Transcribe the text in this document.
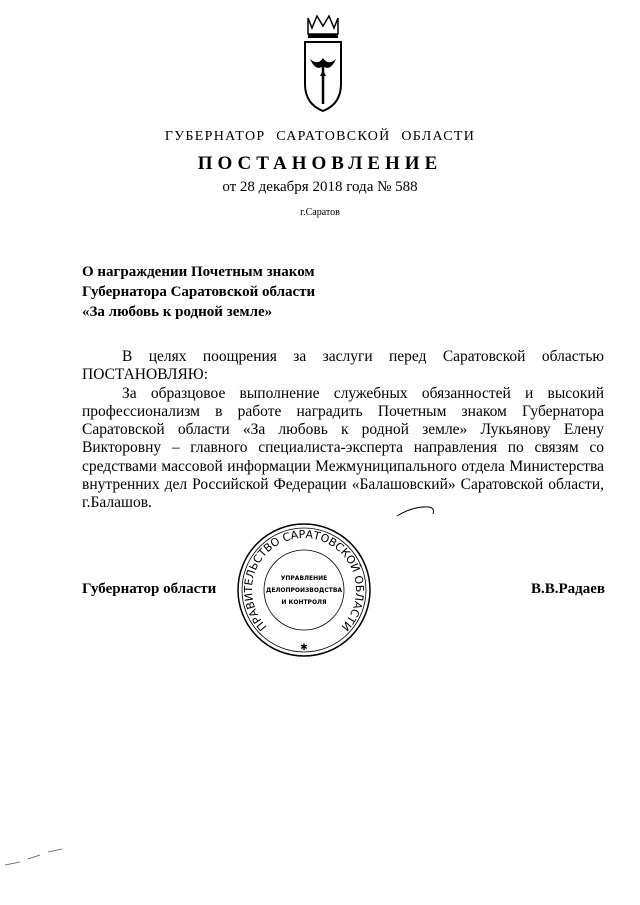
ГУБЕРНАТОР САРАТОВСКОЙ ОБЛАСТИ
ПОСТАНОВЛЕНИЕ
от 28 декабря 2018 года № 588
г.Саратов
О награждении Почетным знаком
Губернатора Саратовской области
«За любовь к родной земле»

В целях поощрения за заслуги перед Саратовской областью

ПОСТАНОВЛЯЮ:

За образцовое выполнение служебных обязанностей и высокий профессионализм в работе наградить Почетным знаком Губернатора Саратовской области «За любовь к родной земле» Лукьянову Елену Викторовну – главного специалиста-эксперта направления по связям со средствами массовой информации Межмуниципального отдела Министерства внутренних дел Российской Федерации «Балашовский» Саратовской области, г.Балашов.

Губернатор области	В.В.Радаев
ПРАВИТЕЛЬСТВО САРАТОВСКОЙ ОБЛАСТИ
✱
УПРАВЛЕНИЕ
ДЕЛОПРОИЗВОДСТВА
И КОНТРОЛЯ
